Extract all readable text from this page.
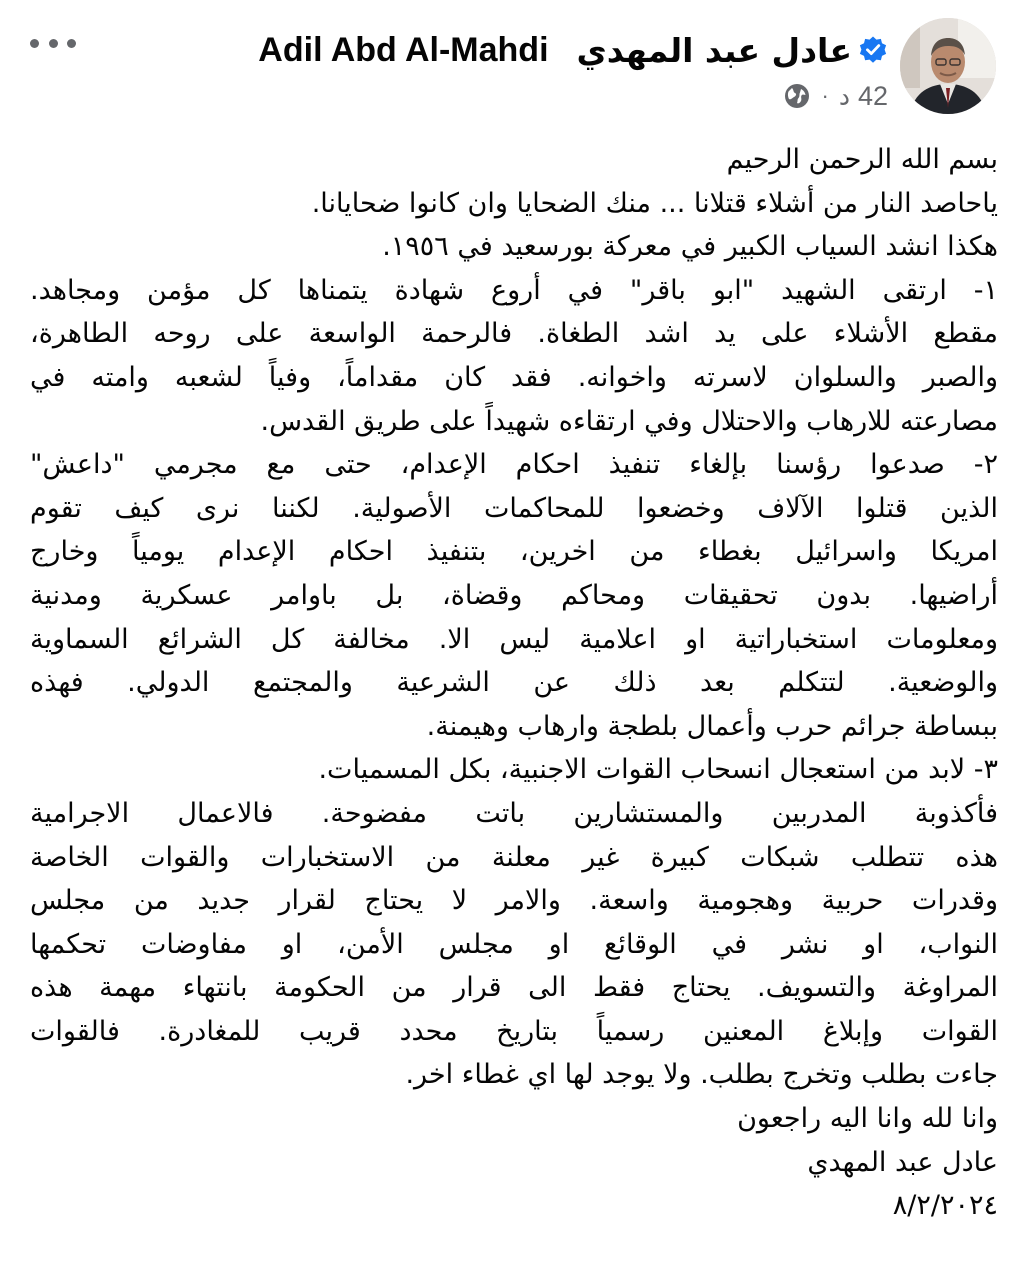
Adil Abd Al-Mahdi عادل عبد المهدي
· د 42
بسم الله الرحمن الرحيم
ياحاصد النار من أشلاء قتلانا ... منك الضحايا وان كانوا ضحايانا.
هكذا انشد السياب الكبير في معركة بورسعيد في ١٩٥٦.
١- ارتقى الشهيد "ابو باقر" في أروع شهادة يتمناها كل مؤمن ومجاهد.
مقطع الأشلاء على يد اشد الطغاة. فالرحمة الواسعة على روحه الطاهرة،
والصبر والسلوان لاسرته واخوانه. فقد كان مقداماً، وفياً لشعبه وامته في
مصارعته للارهاب والاحتلال وفي ارتقاءه شهيداً على طريق القدس.
٢- صدعوا رؤسنا بإلغاء تنفيذ احكام الإعدام، حتى مع مجرمي "داعش"
الذين قتلوا الآلاف وخضعوا للمحاكمات الأصولية. لكننا نرى كيف تقوم
امريكا واسرائيل بغطاء من اخرين، بتنفيذ احكام الإعدام يومياً وخارج
أراضيها. بدون تحقيقات ومحاكم وقضاة، بل باوامر عسكرية ومدنية
ومعلومات استخباراتية او اعلامية ليس الا. مخالفة كل الشرائع السماوية
والوضعية. لتتكلم بعد ذلك عن الشرعية والمجتمع الدولي. فهذه
ببساطة جرائم حرب وأعمال بلطجة وارهاب وهيمنة.
٣- لابد من استعجال انسحاب القوات الاجنبية، بكل المسميات.
فأكذوبة المدربين والمستشارين باتت مفضوحة. فالاعمال الاجرامية
هذه تتطلب شبكات كبيرة غير معلنة من الاستخبارات والقوات الخاصة
وقدرات حربية وهجومية واسعة. والامر لا يحتاج لقرار جديد من مجلس
النواب، او نشر في الوقائع او مجلس الأمن، او مفاوضات تحكمها
المراوغة والتسويف. يحتاج فقط الى قرار من الحكومة بانتهاء مهمة هذه
القوات وإبلاغ المعنين رسمياً بتاريخ محدد قريب للمغادرة. فالقوات
جاءت بطلب وتخرج بطلب. ولا يوجد لها اي غطاء اخر.
وانا لله وانا اليه راجعون
عادل عبد المهدي
٨/٢/٢٠٢٤
